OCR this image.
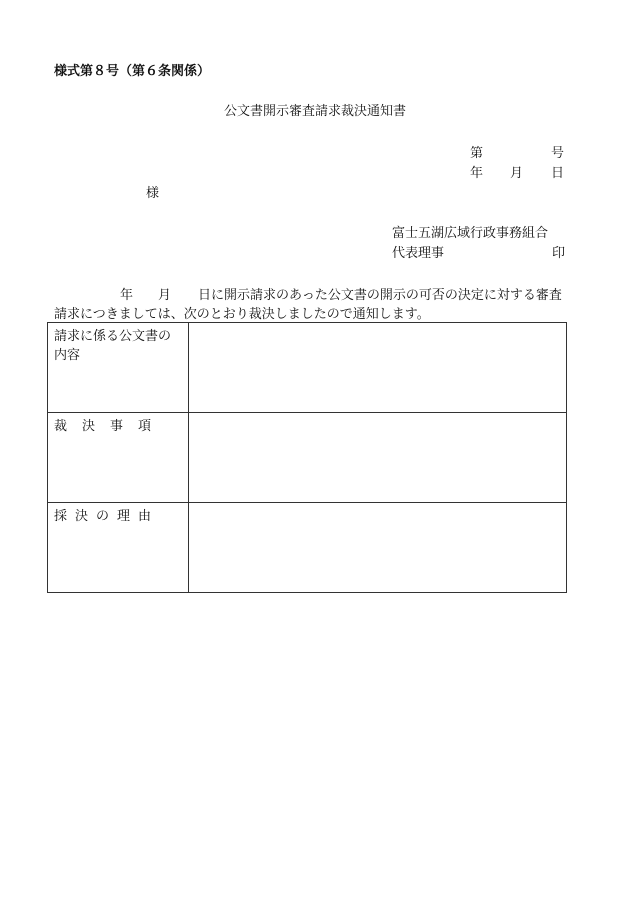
様式第８号（第６条関係）
公文書開示審査請求裁決通知書
第	号
年 月 日
様
富士五湖広域行政事務組合
代表理事	印
年 月 日に開示請求のあった公文書の開示の可否の決定に対する審査
請求につきましては、次のとおり裁決しましたので通知します。
請求に係る公文書の内容	
裁決事項	
採決の理由	
